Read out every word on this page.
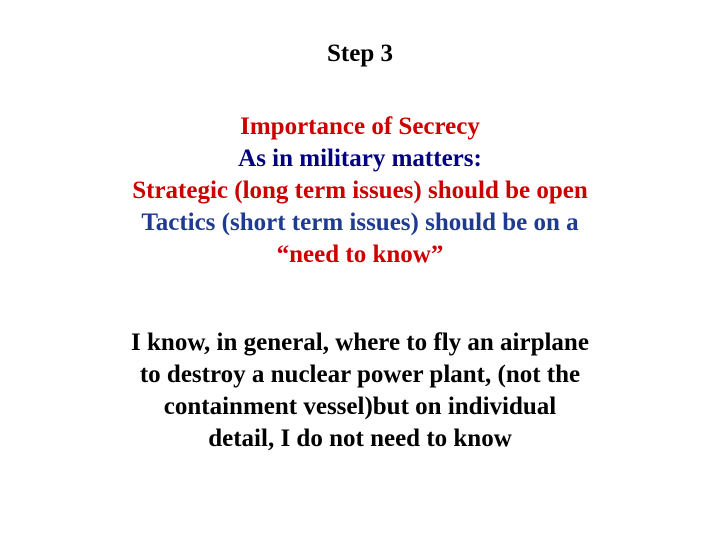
Step 3
Importance of Secrecy
As in military matters:
Strategic (long term issues) should be open
Tactics (short term issues) should be on a
“need to know”
I know, in general, where to fly an airplane
to destroy a nuclear power plant, (not the
containment vessel)but on individual
detail, I do not need to know
